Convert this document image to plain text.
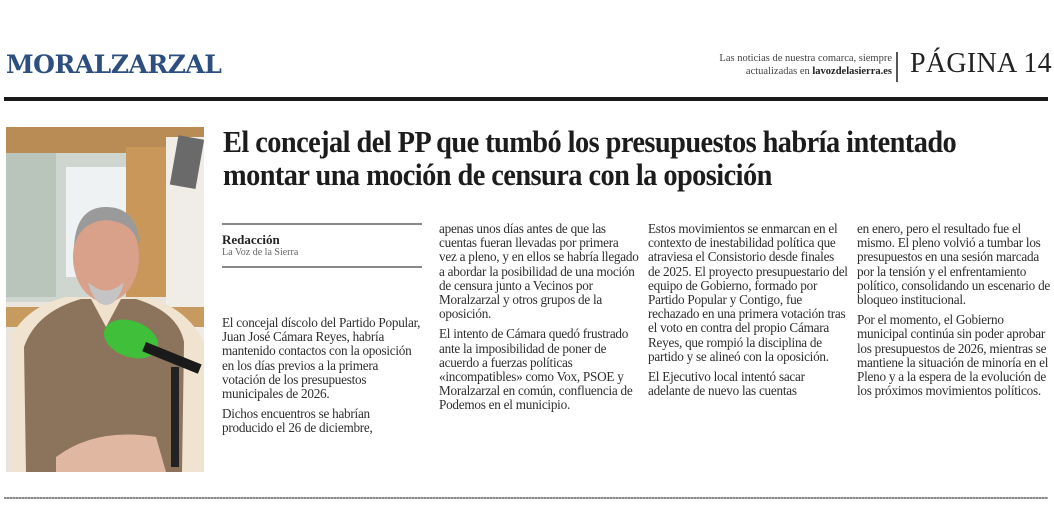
MORALZARZAL	Las noticias de nuestra comarca, siempre
actualizadas en lavozdelasierra.es PÁGINA 14
El concejal del PP que tumbó los presupuestos habría intentado montar una moción de censura con la oposición
Redacción
La Voz de la Sierra

El concejal díscolo del Partido Popular, Juan José Cámara Reyes, habría mantenido contactos con la oposición en los días previos a la primera votación de los presupuestos municipales de 2026.

Dichos encuentros se habrían producido el 26 de diciembre,

apenas unos días antes de que las cuentas fueran llevadas por primera vez a pleno, y en ellos se habría llegado a abordar la posibilidad de una moción de censura junto a Vecinos por Moralzarzal y otros grupos de la oposición.

El intento de Cámara quedó frustrado ante la imposibilidad de poner de acuerdo a fuerzas políticas «incompatibles» como Vox, PSOE y Moralzarzal en común, confluencia de Podemos en el municipio.

Estos movimientos se enmarcan en el contexto de inestabilidad política que atraviesa el Consistorio desde finales de 2025. El proyecto presupuestario del equipo de Gobierno, formado por Partido Popular y Contigo, fue rechazado en una primera votación tras el voto en contra del propio Cámara Reyes, que rompió la disciplina de partido y se alineó con la oposición.

El Ejecutivo local intentó sacar adelante de nuevo las cuentas

en enero, pero el resultado fue el mismo. El pleno volvió a tumbar los presupuestos en una sesión marcada por la tensión y el enfrentamiento político, consolidando un escenario de bloqueo institucional.

Por el momento, el Gobierno municipal continúa sin poder aprobar los presupuestos de 2026, mientras se mantiene la situación de minoría en el Pleno y a la espera de la evolución de los próximos movimientos políticos.
